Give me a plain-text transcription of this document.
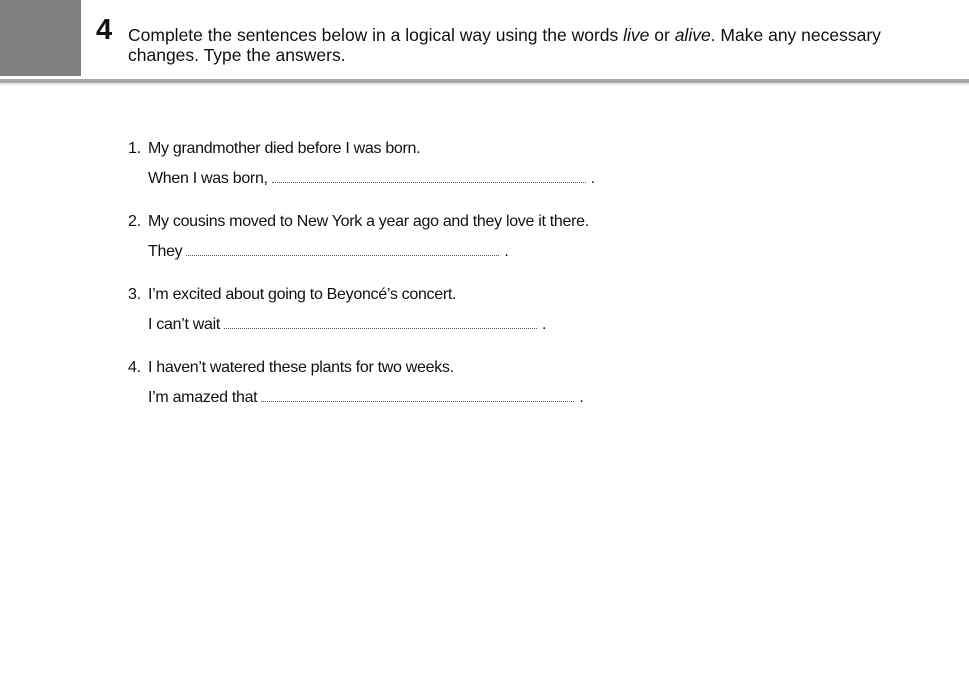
4 Complete the sentences below in a logical way using the words live or alive. Make any necessary changes. Type the answers.
1. My grandmother died before I was born.
When I was born,	.
2. My cousins moved to New York a year ago and they love it there.
They	.
3. I’m excited about going to Beyoncé’s concert.
I can’t wait	.
4. I haven’t watered these plants for two weeks.
I’m amazed that	.
